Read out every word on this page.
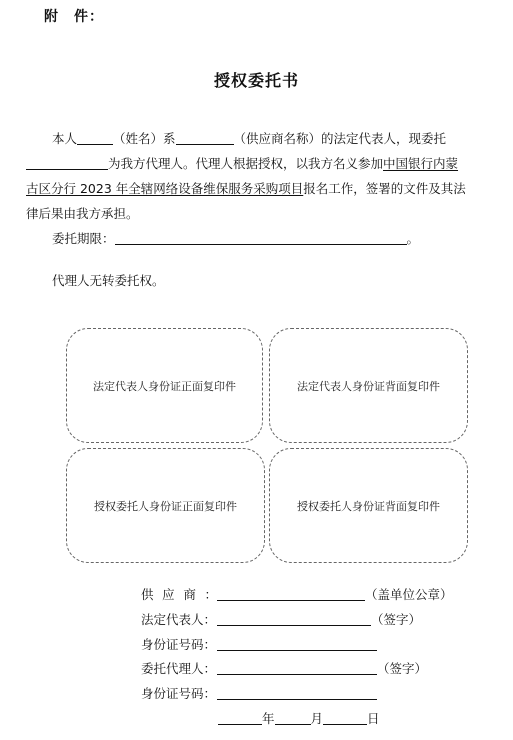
附　件：
授权委托书
本人	（姓名）系	（供应商名称）的法定代表人，现委托
为我方代理人。代理人根据授权，以我方名义参加中国银行内蒙
古区分行 2023 年全辖网络设备维保服务采购项目报名工作，签署的文件及其法
律后果由我方承担。
委托期限：	。
代理人无转委托权。
法定代表人身份证正面复印件	法定代表人身份证背面复印件
授权委托人身份证正面复印件	授权委托人身份证背面复印件
供应商：	（盖单位公章）
法定代表人：	（签字）
身份证号码：
委托代理人：	（签字）
身份证号码：
年	月	日
